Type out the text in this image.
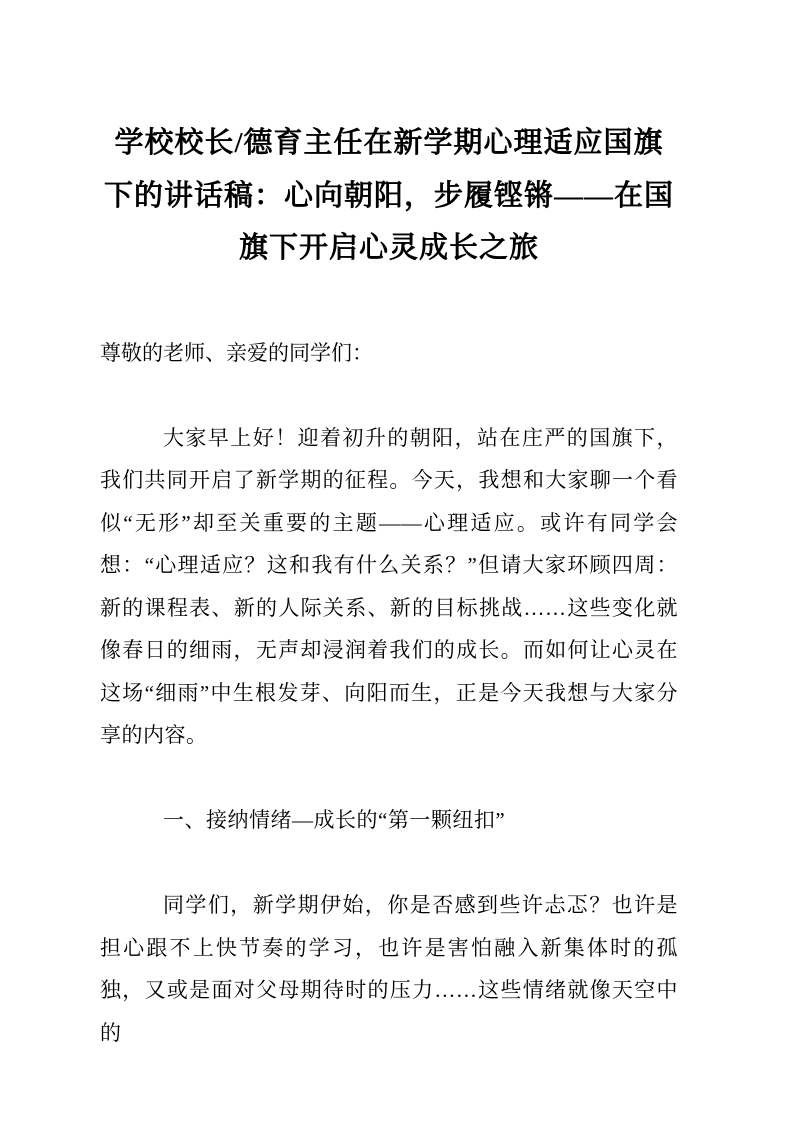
学校校长/德育主任在新学期心理适应国旗下的讲话稿：心向朝阳，步履铿锵——在国旗下开启心灵成长之旅

尊敬的老师、亲爱的同学们：

大家早上好！迎着初升的朝阳，站在庄严的国旗下，我们共同开启了新学期的征程。今天，我想和大家聊一个看似“无形”却至关重要的主题——心理适应。或许有同学会想：“心理适应？这和我有什么关系？”但请大家环顾四周：新的课程表、新的人际关系、新的目标挑战……这些变化就像春日的细雨，无声却浸润着我们的成长。而如何让心灵在这场“细雨”中生根发芽、向阳而生，正是今天我想与大家分享的内容。

一、接纳情绪—成长的“第一颗纽扣”

同学们，新学期伊始，你是否感到些许忐忑？也许是担心跟不上快节奏的学习，也许是害怕融入新集体时的孤独，又或是面对父母期待时的压力……这些情绪就像天空中的
